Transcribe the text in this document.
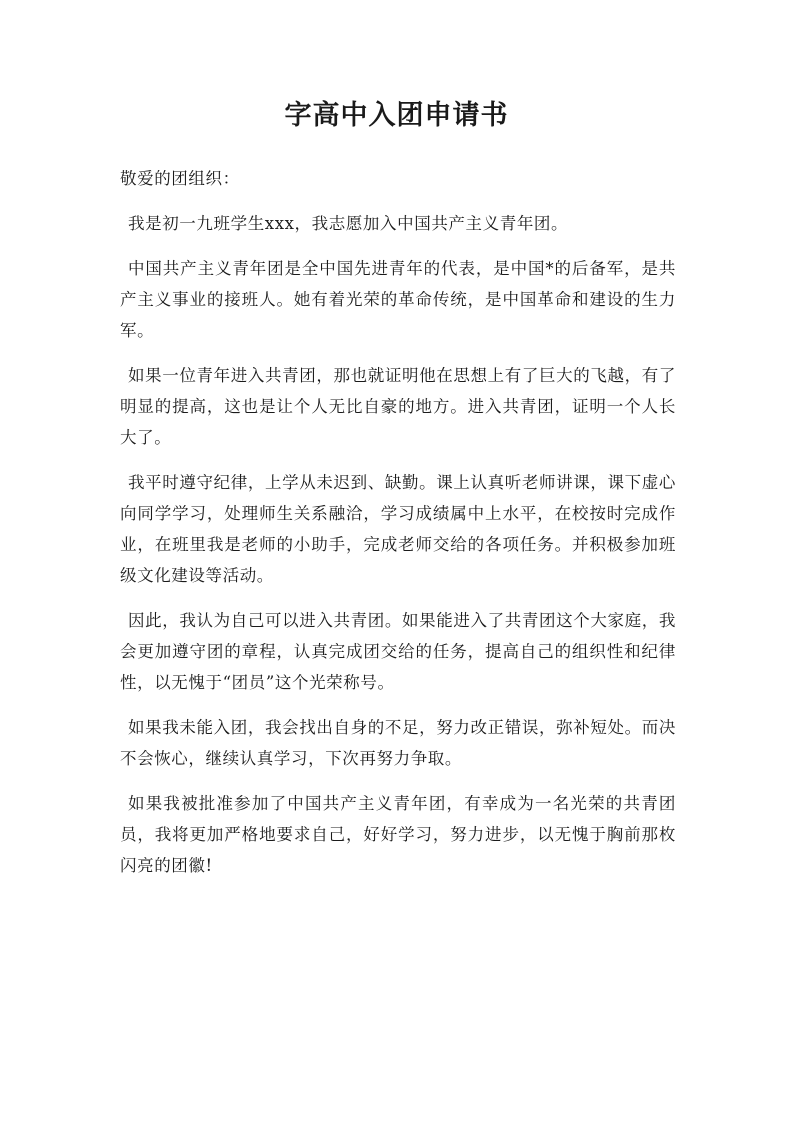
字高中入团申请书

敬爱的团组织：

我是初一九班学生xxx，我志愿加入中国共产主义青年团。

中国共产主义青年团是全中国先进青年的代表，是中国*的后备军，是共产主义事业的接班人。她有着光荣的革命传统，是中国革命和建设的生力军。

如果一位青年进入共青团，那也就证明他在思想上有了巨大的飞越，有了明显的提高，这也是让个人无比自豪的地方。进入共青团，证明一个人长大了。

我平时遵守纪律，上学从未迟到、缺勤。课上认真听老师讲课，课下虚心向同学学习，处理师生关系融洽，学习成绩属中上水平，在校按时完成作业，在班里我是老师的小助手，完成老师交给的各项任务。并积极参加班级文化建设等活动。

因此，我认为自己可以进入共青团。如果能进入了共青团这个大家庭，我会更加遵守团的章程，认真完成团交给的任务，提高自己的组织性和纪律性，以无愧于“团员”这个光荣称号。

如果我未能入团，我会找出自身的不足，努力改正错误，弥补短处。而决不会恢心，继续认真学习，下次再努力争取。

如果我被批准参加了中国共产主义青年团，有幸成为一名光荣的共青团员，我将更加严格地要求自己，好好学习，努力进步，以无愧于胸前那枚闪亮的团徽!
